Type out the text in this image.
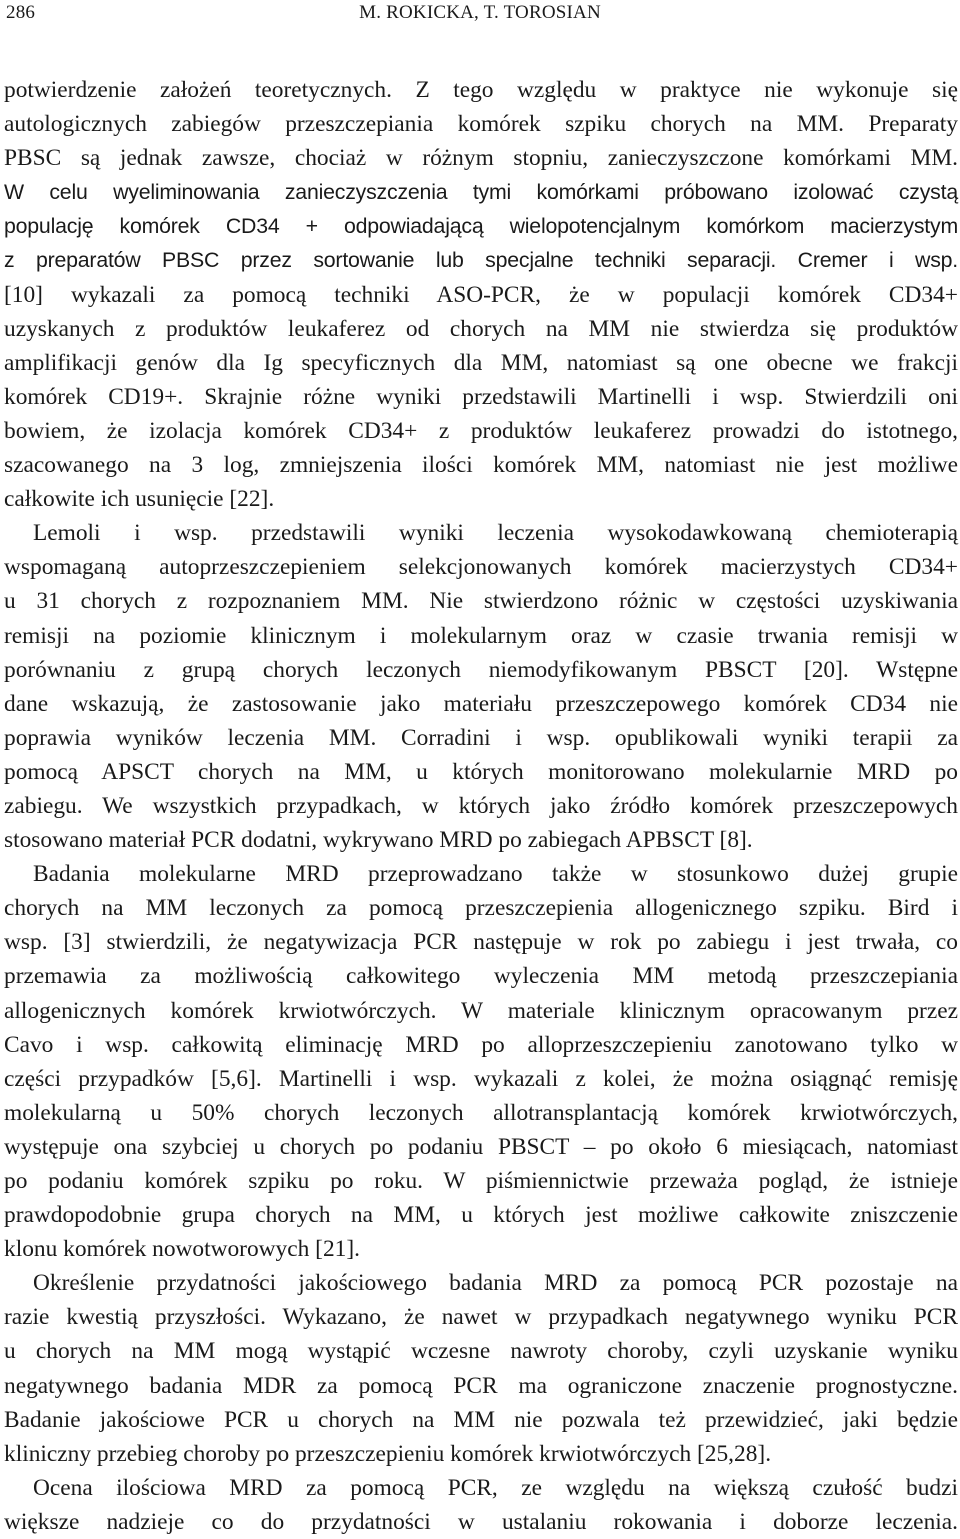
286	M. ROKICKA, T. TOROSIAN

potwierdzenie założeń teoretycznych. Z tego względu w praktyce nie wykonuje się

autologicznych zabiegów przeszczepiania komórek szpiku chorych na MM. Preparaty

PBSC są jednak zawsze, chociaż w różnym stopniu, zanieczyszczone komórkami MM.

W celu wyeliminowania zanieczyszczenia tymi komórkami próbowano izolować czystą

populację komórek CD34 + odpowiadającą wielopotencjalnym komórkom macierzystym

z preparatów PBSC przez sortowanie lub specjalne techniki separacji. Cremer i wsp.

[10] wykazali za pomocą techniki ASO-PCR, że w populacji komórek CD34+

uzyskanych z produktów leukaferez od chorych na MM nie stwierdza się produktów

amplifikacji genów dla Ig specyficznych dla MM, natomiast są one obecne we frakcji

komórek CD19+. Skrajnie różne wyniki przedstawili Martinelli i wsp. Stwierdzili oni

bowiem, że izolacja komórek CD34+ z produktów leukaferez prowadzi do istotnego,

szacowanego na 3 log, zmniejszenia ilości komórek MM, natomiast nie jest możliwe

całkowite ich usunięcie [22].

Lemoli i wsp. przedstawili wyniki leczenia wysokodawkowaną chemioterapią

wspomaganą autoprzeszczepieniem selekcjonowanych komórek macierzystych CD34+

u 31 chorych z rozpoznaniem MM. Nie stwierdzono różnic w częstości uzyskiwania

remisji na poziomie klinicznym i molekularnym oraz w czasie trwania remisji w

porównaniu z grupą chorych leczonych niemodyfikowanym PBSCT [20]. Wstępne

dane wskazują, że zastosowanie jako materiału przeszczepowego komórek CD34 nie

poprawia wyników leczenia MM. Corradini i wsp. opublikowali wyniki terapii za

pomocą APSCT chorych na MM, u których monitorowano molekularnie MRD po

zabiegu. We wszystkich przypadkach, w których jako źródło komórek przeszczepowych

stosowano materiał PCR dodatni, wykrywano MRD po zabiegach APBSCT [8].

Badania molekularne MRD przeprowadzano także w stosunkowo dużej grupie

chorych na MM leczonych za pomocą przeszczepienia allogenicznego szpiku. Bird i

wsp. [3] stwierdzili, że negatywizacja PCR następuje w rok po zabiegu i jest trwała, co

przemawia za możliwością całkowitego wyleczenia MM metodą przeszczepiania

allogenicznych komórek krwiotwórczych. W materiale klinicznym opracowanym przez

Cavo i wsp. całkowitą eliminację MRD po alloprzeszczepieniu zanotowano tylko w

części przypadków [5,6]. Martinelli i wsp. wykazali z kolei, że można osiągnąć remisję

molekularną u 50% chorych leczonych allotransplantacją komórek krwiotwórczych,

występuje ona szybciej u chorych po podaniu PBSCT – po około 6 miesiącach, natomiast

po podaniu komórek szpiku po roku. W piśmiennictwie przeważa pogląd, że istnieje

prawdopodobnie grupa chorych na MM, u których jest możliwe całkowite zniszczenie

klonu komórek nowotworowych [21].

Określenie przydatności jakościowego badania MRD za pomocą PCR pozostaje na

razie kwestią przyszłości. Wykazano, że nawet w przypadkach negatywnego wyniku PCR

u chorych na MM mogą wystąpić wczesne nawroty choroby, czyli uzyskanie wyniku

negatywnego badania MDR za pomocą PCR ma ograniczone znaczenie prognostyczne.

Badanie jakościowe PCR u chorych na MM nie pozwala też przewidzieć, jaki będzie

kliniczny przebieg choroby po przeszczepieniu komórek krwiotwórczych [25,28].

Ocena ilościowa MRD za pomocą PCR, ze względu na większą czułość budzi

większe nadzieje co do przydatności w ustalaniu rokowania i doborze leczenia.
